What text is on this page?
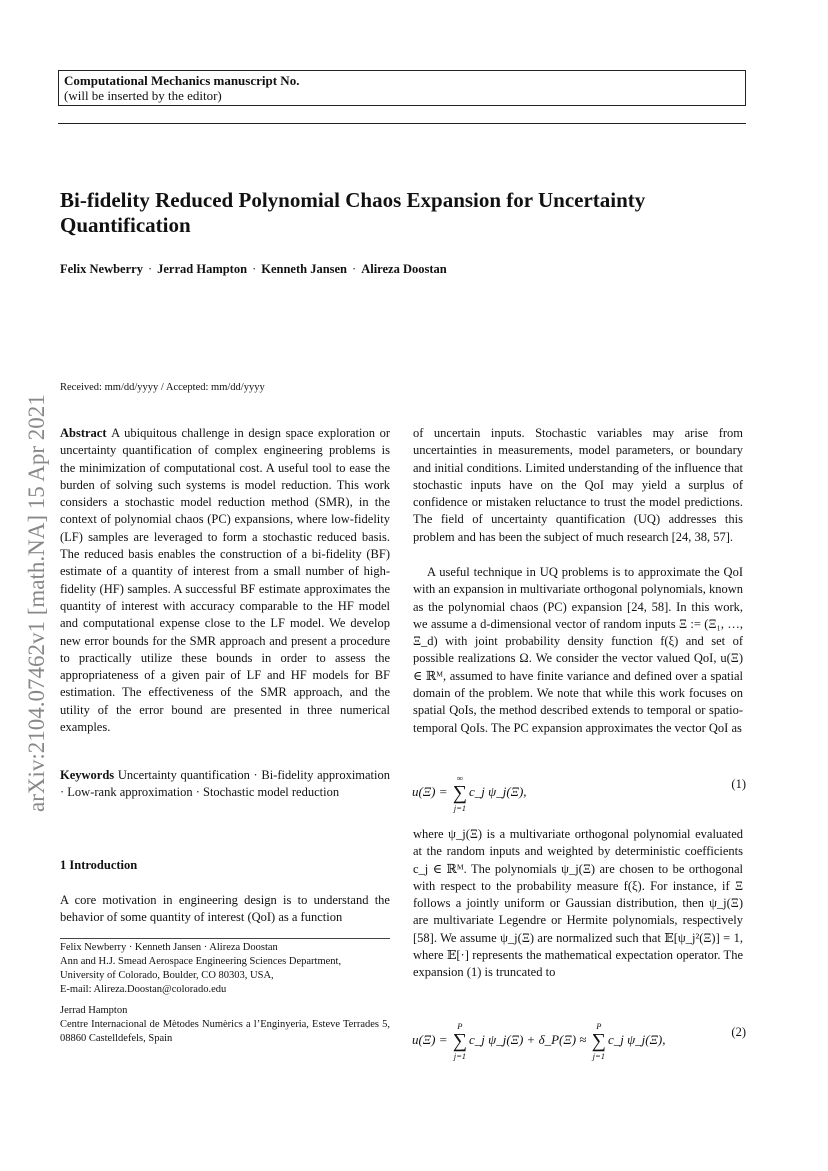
Computational Mechanics manuscript No.
(will be inserted by the editor)
arXiv:2104.07462v1 [math.NA] 15 Apr 2021
Bi-fidelity Reduced Polynomial Chaos Expansion for Uncertainty Quantification
Felix Newberry · Jerrad Hampton · Kenneth Jansen · Alireza Doostan
Received: mm/dd/yyyy / Accepted: mm/dd/yyyy

Abstract A ubiquitous challenge in design space exploration or uncertainty quantification of complex engineering problems is the minimization of computational cost. A useful tool to ease the burden of solving such systems is model reduction. This work considers a stochastic model reduction method (SMR), in the context of polynomial chaos (PC) expansions, where low-fidelity (LF) samples are leveraged to form a stochastic reduced basis. The reduced basis enables the construction of a bi-fidelity (BF) estimate of a quantity of interest from a small number of high-fidelity (HF) samples. A successful BF estimate approximates the quantity of interest with accuracy comparable to the HF model and computational expense close to the LF model. We develop new error bounds for the SMR approach and present a procedure to practically utilize these bounds in order to assess the appropriateness of a given pair of LF and HF models for BF estimation. The effectiveness of the SMR approach, and the utility of the error bound are presented in three numerical examples.

Keywords Uncertainty quantification · Bi-fidelity approximation · Low-rank approximation · Stochastic model reduction

1 Introduction

A core motivation in engineering design is to understand the behavior of some quantity of interest (QoI) as a function

Felix Newberry · Kenneth Jansen · Alireza Doostan
Ann and H.J. Smead Aerospace Engineering Sciences Department,
University of Colorado, Boulder, CO 80303, USA,
E-mail: Alireza.Doostan@colorado.edu
Jerrad Hampton
Centre Internacional de Mètodes Numèrics a l’Enginyeria, Esteve Terrades 5, 08860 Castelldefels, Spain

of uncertain inputs. Stochastic variables may arise from uncertainties in measurements, model parameters, or boundary and initial conditions. Limited understanding of the influence that stochastic inputs have on the QoI may yield a surplus of confidence or mistaken reluctance to trust the model predictions. The field of uncertainty quantification (UQ) addresses this problem and has been the subject of much research [24, 38, 57].

A useful technique in UQ problems is to approximate the QoI with an expansion in multivariate orthogonal polynomials, known as the polynomial chaos (PC) expansion [24, 58]. In this work, we assume a d-dimensional vector of random inputs Ξ := (Ξ₁, …, Ξ_d) with joint probability density function f(ξ) and set of possible realizations Ω. We consider the vector valued QoI, u(Ξ) ∈ ℝᴹ, assumed to have finite variance and defined over a spatial domain of the problem. We note that while this work focuses on spatial QoIs, the method described extends to temporal or spatio-temporal QoIs. The PC expansion approximates the vector QoI as

u(Ξ) =
∞
∑
j=1
c_j ψ_j(Ξ),	(1)

where ψ_j(Ξ) is a multivariate orthogonal polynomial evaluated at the random inputs and weighted by deterministic coefficients c_j ∈ ℝᴹ. The polynomials ψ_j(Ξ) are chosen to be orthogonal with respect to the probability measure f(ξ). For instance, if Ξ follows a jointly uniform or Gaussian distribution, then ψ_j(Ξ) are multivariate Legendre or Hermite polynomials, respectively [58]. We assume ψ_j(Ξ) are normalized such that 𝔼[ψ_j²(Ξ)] = 1, where 𝔼[·] represents the mathematical expectation operator. The expansion (1) is truncated to

u(Ξ) =
P
∑
j=1
c_j ψ_j(Ξ) + δ_P(Ξ) ≈
P
∑
j=1
c_j ψ_j(Ξ),	(2)
